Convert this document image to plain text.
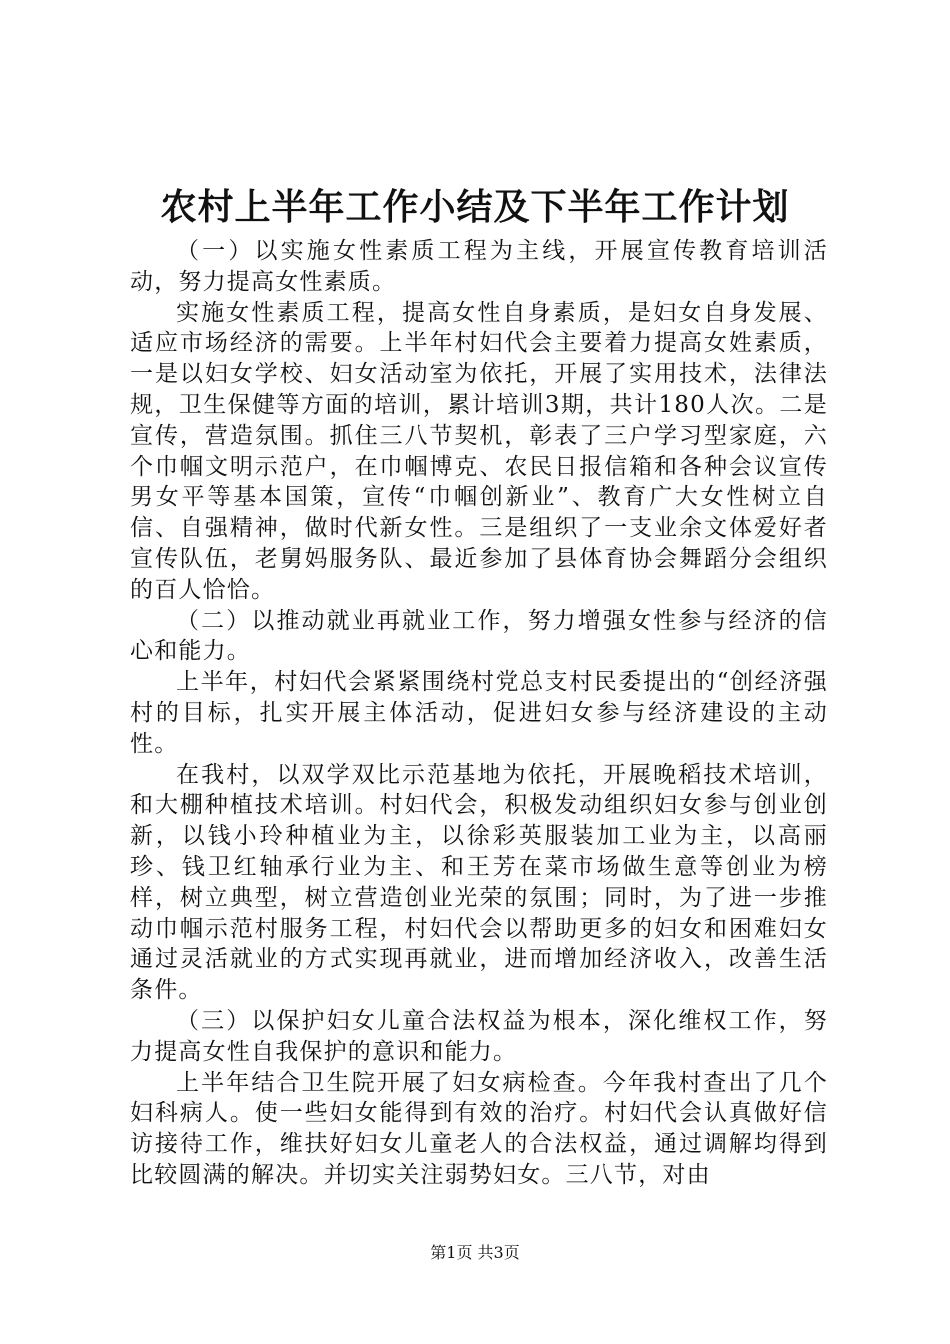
农村上半年工作小结及下半年工作计划

（一）以实施女性素质工程为主线，开展宣传教育培训活动，努力提高女性素质。

实施女性素质工程，提高女性自身素质，是妇女自身发展、适应市场经济的需要。上半年村妇代会主要着力提高女姓素质，一是以妇女学校、妇女活动室为依托，开展了实用技术，法律法规，卫生保健等方面的培训，累计培训3期，共计180人次。二是宣传，营造氛围。抓住三八节契机，彰表了三户学习型家庭，六个巾帼文明示范户，在巾帼博克、农民日报信箱和各种会议宣传男女平等基本国策，宣传“巾帼创新业”、教育广大女性树立自信、自强精神，做时代新女性。三是组织了一支业余文体爱好者宣传队伍，老舅妈服务队、最近参加了县体育协会舞蹈分会组织的百人恰恰。

（二）以推动就业再就业工作，努力增强女性参与经济的信心和能力。

上半年，村妇代会紧紧围绕村党总支村民委提出的“创经济强村的目标，扎实开展主体活动，促进妇女参与经济建设的主动性。

在我村，以双学双比示范基地为依托，开展晚稻技术培训，和大棚种植技术培训。村妇代会，积极发动组织妇女参与创业创新，以钱小玲种植业为主，以徐彩英服装加工业为主，以高丽珍、钱卫红轴承行业为主、和王芳在菜市场做生意等创业为榜样，树立典型，树立营造创业光荣的氛围；同时，为了进一步推动巾帼示范村服务工程，村妇代会以帮助更多的妇女和困难妇女通过灵活就业的方式实现再就业，进而增加经济收入，改善生活条件。

（三）以保护妇女儿童合法权益为根本，深化维权工作，努力提高女性自我保护的意识和能力。

上半年结合卫生院开展了妇女病检查。今年我村查出了几个妇科病人。使一些妇女能得到有效的治疗。村妇代会认真做好信访接待工作，维扶好妇女儿童老人的合法权益，通过调解均得到比较圆满的解决。并切实关注弱势妇女。三八节，对由

第1页 共3页
